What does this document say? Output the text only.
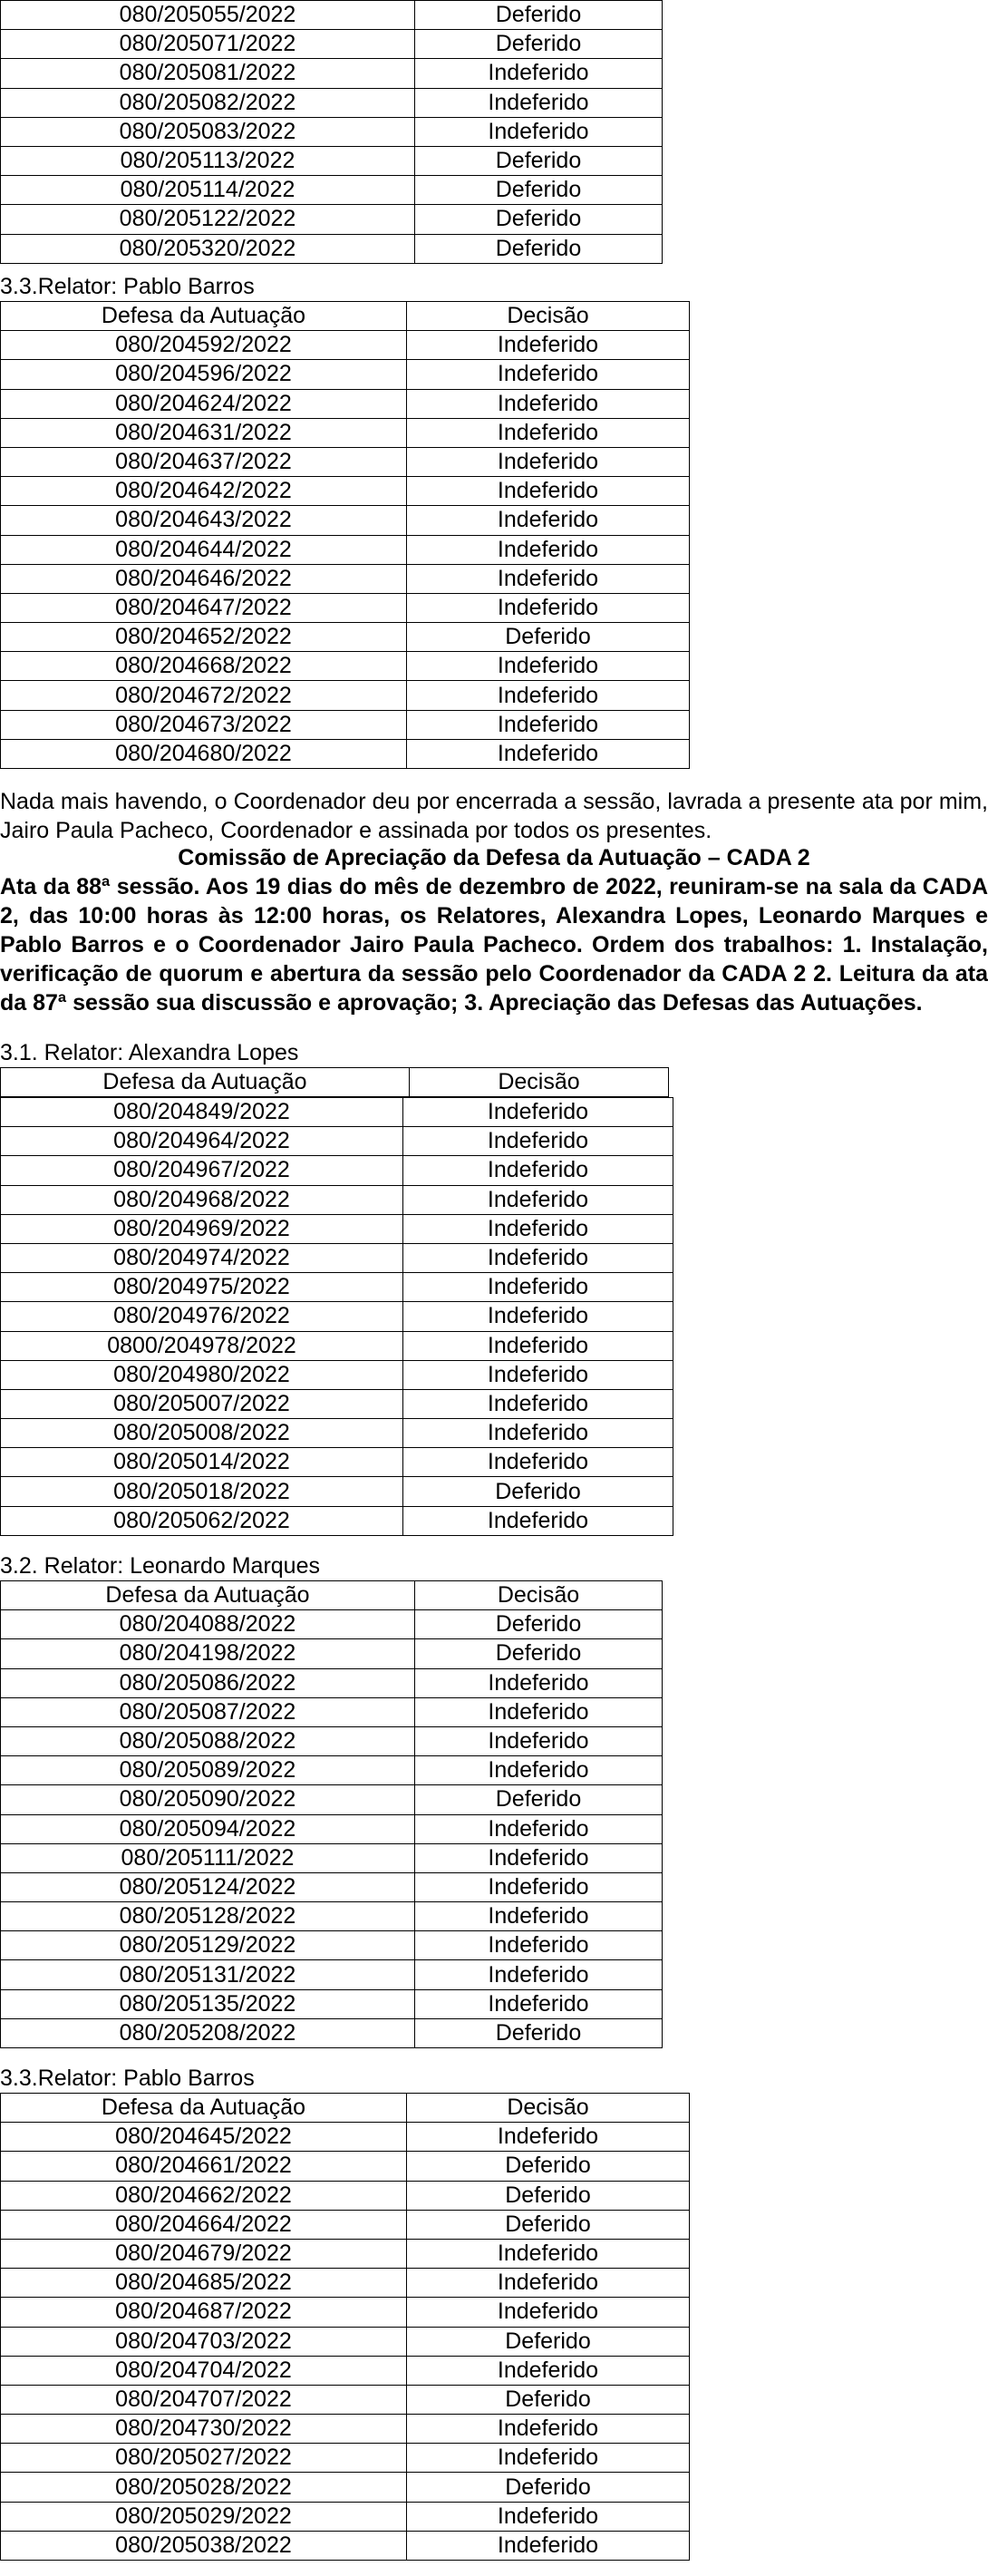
080/205055/2022	Deferido
080/205071/2022	Deferido
080/205081/2022	Indeferido
080/205082/2022	Indeferido
080/205083/2022	Indeferido
080/205113/2022	Deferido
080/205114/2022	Deferido
080/205122/2022	Deferido
080/205320/2022	Deferido
3.3.Relator: Pablo Barros
Defesa da Autuação	Decisão
080/204592/2022	Indeferido
080/204596/2022	Indeferido
080/204624/2022	Indeferido
080/204631/2022	Indeferido
080/204637/2022	Indeferido
080/204642/2022	Indeferido
080/204643/2022	Indeferido
080/204644/2022	Indeferido
080/204646/2022	Indeferido
080/204647/2022	Indeferido
080/204652/2022	Deferido
080/204668/2022	Indeferido
080/204672/2022	Indeferido
080/204673/2022	Indeferido
080/204680/2022	Indeferido
Nada mais havendo, o Coordenador deu por encerrada a sessão, lavrada a presente ata por mim, Jairo Paula Pacheco, Coordenador e assinada por todos os presentes.
Comissão de Apreciação da Defesa da Autuação – CADA 2
Ata da 88ª sessão. Aos 19 dias do mês de dezembro de 2022, reuniram-se na sala da CADA 2, das 10:00 horas às 12:00 horas, os Relatores, Alexandra Lopes, Leonardo Marques e Pablo Barros e o Coordenador Jairo Paula Pacheco. Ordem dos trabalhos: 1. Instalação, verificação de quorum e abertura da sessão pelo Coordenador da CADA 2 2. Leitura da ata da 87ª sessão sua discussão e aprovação; 3. Apreciação das Defesas das Autuações.
3.1. Relator: Alexandra Lopes
Defesa da Autuação	Decisão
080/204849/2022	Indeferido
080/204964/2022	Indeferido
080/204967/2022	Indeferido
080/204968/2022	Indeferido
080/204969/2022	Indeferido
080/204974/2022	Indeferido
080/204975/2022	Indeferido
080/204976/2022	Indeferido
0800/204978/2022	Indeferido
080/204980/2022	Indeferido
080/205007/2022	Indeferido
080/205008/2022	Indeferido
080/205014/2022	Indeferido
080/205018/2022	Deferido
080/205062/2022	Indeferido
3.2. Relator: Leonardo Marques
Defesa da Autuação	Decisão
080/204088/2022	Deferido
080/204198/2022	Deferido
080/205086/2022	Indeferido
080/205087/2022	Indeferido
080/205088/2022	Indeferido
080/205089/2022	Indeferido
080/205090/2022	Deferido
080/205094/2022	Indeferido
080/205111/2022	Indeferido
080/205124/2022	Indeferido
080/205128/2022	Indeferido
080/205129/2022	Indeferido
080/205131/2022	Indeferido
080/205135/2022	Indeferido
080/205208/2022	Deferido
3.3.Relator: Pablo Barros
Defesa da Autuação	Decisão
080/204645/2022	Indeferido
080/204661/2022	Deferido
080/204662/2022	Deferido
080/204664/2022	Deferido
080/204679/2022	Indeferido
080/204685/2022	Indeferido
080/204687/2022	Indeferido
080/204703/2022	Deferido
080/204704/2022	Indeferido
080/204707/2022	Deferido
080/204730/2022	Indeferido
080/205027/2022	Indeferido
080/205028/2022	Deferido
080/205029/2022	Indeferido
080/205038/2022	Indeferido
